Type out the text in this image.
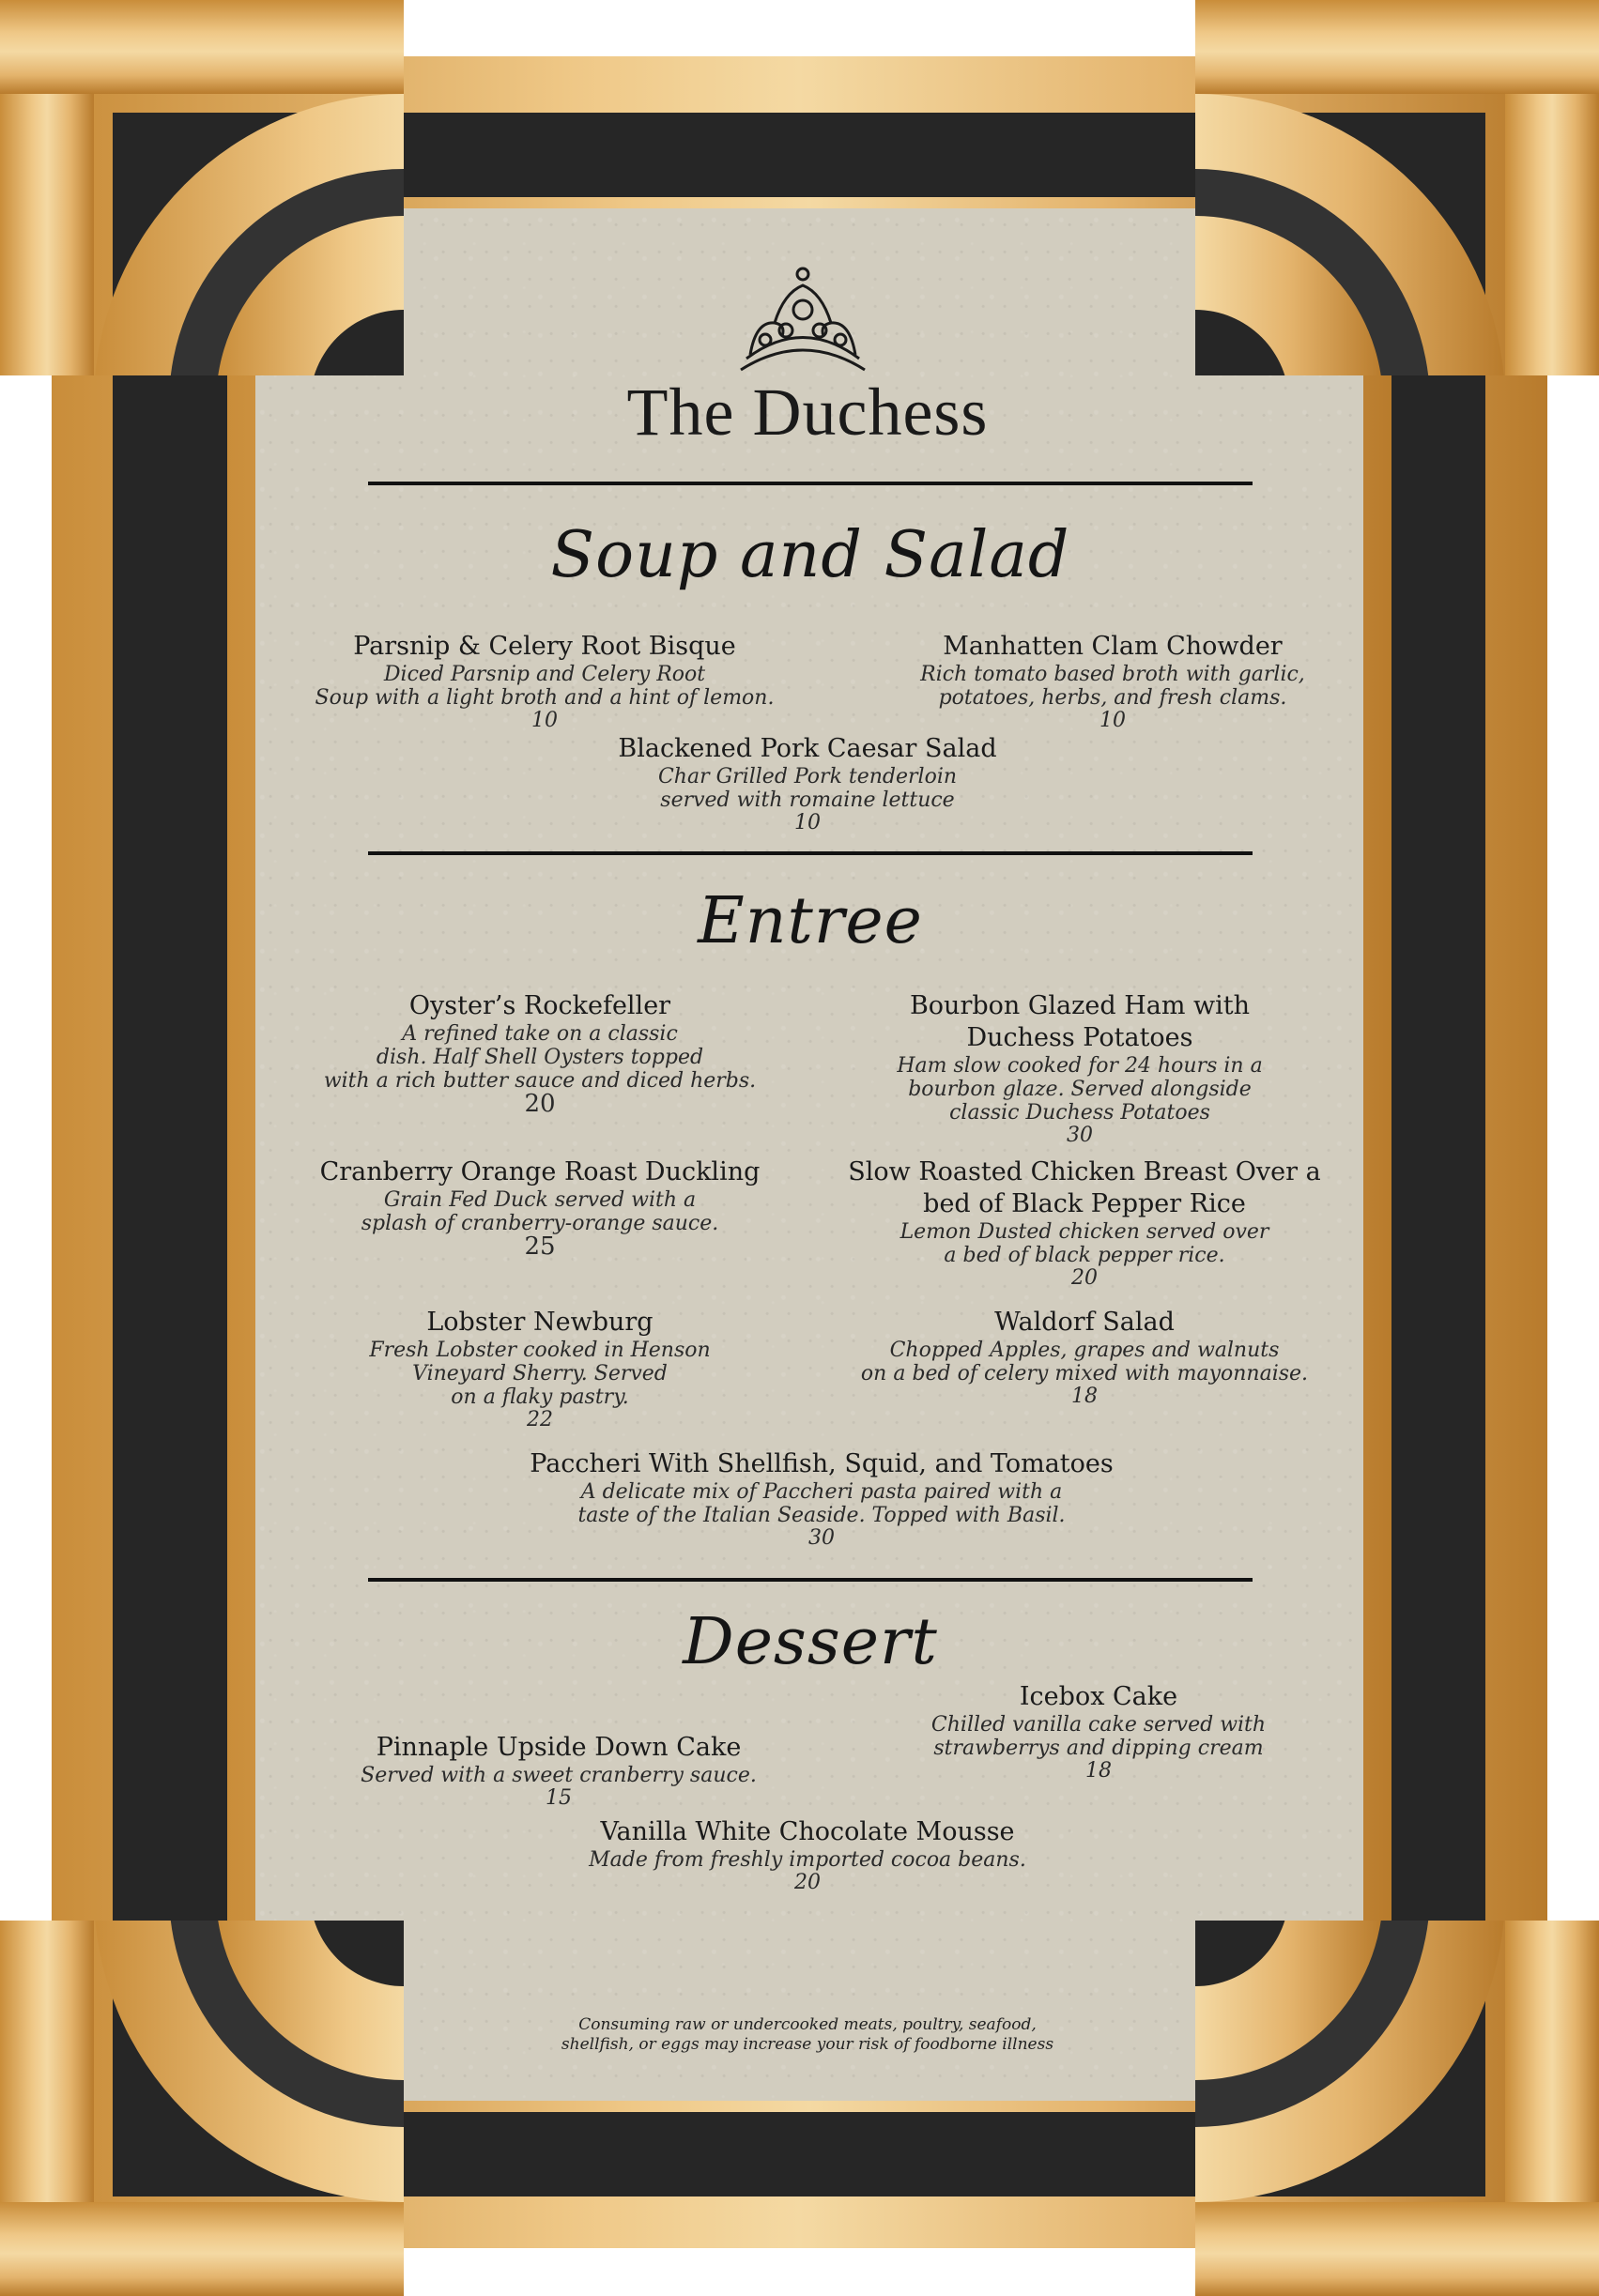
The Duchess
Soup and Salad
Parsnip & Celery Root Bisque
Diced Parsnip and Celery Root
Soup with a light broth and a hint of lemon.
10
Manhatten Clam Chowder
Rich tomato based broth with garlic,
potatoes, herbs, and fresh clams.
10
Blackened Pork Caesar Salad
Char Grilled Pork tenderloin
served with romaine lettuce
10
Entree
Oyster’s Rockefeller
A refined take on a classic
dish. Half Shell Oysters topped
with a rich butter sauce and diced herbs.
20
Bourbon Glazed Ham with
Duchess Potatoes
Ham slow cooked for 24 hours in a
bourbon glaze. Served alongside
classic Duchess Potatoes
30
Cranberry Orange Roast Duckling
Grain Fed Duck served with a
splash of cranberry-orange sauce.
25
Slow Roasted Chicken Breast Over a
bed of Black Pepper Rice
Lemon Dusted chicken served over
a bed of black pepper rice.
20
Lobster Newburg
Fresh Lobster cooked in Henson
Vineyard Sherry. Served
on a flaky pastry.
22
Waldorf Salad
Chopped Apples, grapes and walnuts
on a bed of celery mixed with mayonnaise.
18
Paccheri With Shellfish, Squid, and Tomatoes
A delicate mix of Paccheri pasta paired with a
taste of the Italian Seaside. Topped with Basil.
30
Dessert
Pinnaple Upside Down Cake
Served with a sweet cranberry sauce.
15
Icebox Cake
Chilled vanilla cake served with
strawberrys and dipping cream
18
Vanilla White Chocolate Mousse
Made from freshly imported cocoa beans.
20
Consuming raw or undercooked meats, poultry, seafood,
shellfish, or eggs may increase your risk of foodborne illness
